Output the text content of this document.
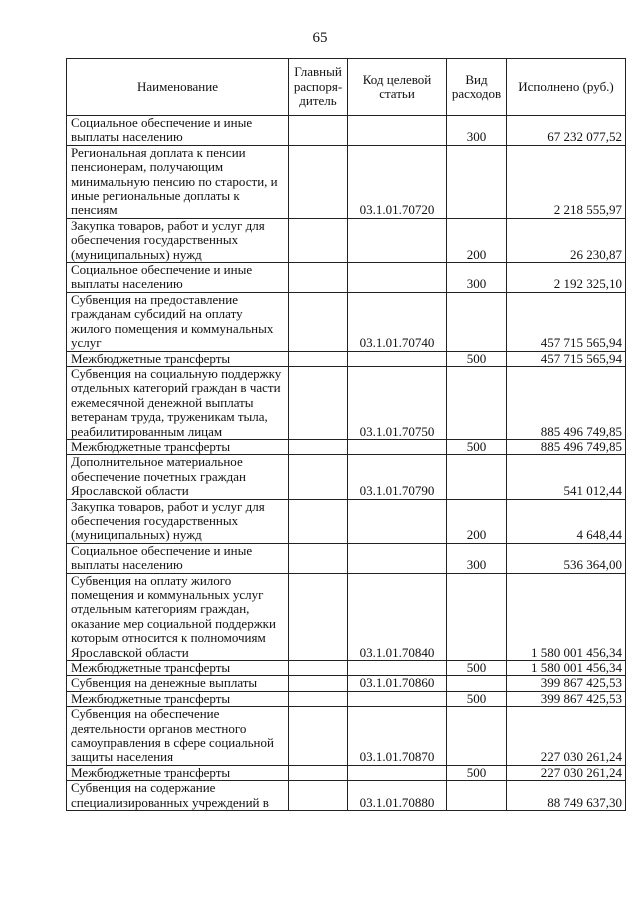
65
Наименование	Главный распоря-дитель	Код целевой статьи	Вид расходов	Исполнено (руб.)
Социальное обеспечение и иные выплаты населению			300	67 232 077,52
Региональная доплата к пенсии пенсионерам, получающим минимальную пенсию по старости, и иные региональные доплаты к пенсиям		03.1.01.70720		2 218 555,97
Закупка товаров, работ и услуг для обеспечения государственных (муниципальных) нужд			200	26 230,87
Социальное обеспечение и иные выплаты населению			300	2 192 325,10
Субвенция на предоставление гражданам субсидий на оплату жилого помещения и коммунальных услуг		03.1.01.70740		457 715 565,94
Межбюджетные трансферты			500	457 715 565,94
Субвенция на социальную поддержку отдельных категорий граждан в части ежемесячной денежной выплаты ветеранам труда, труженикам тыла, реабилитированным лицам		03.1.01.70750		885 496 749,85
Межбюджетные трансферты			500	885 496 749,85
Дополнительное материальное обеспечение почетных граждан Ярославской области		03.1.01.70790		541 012,44
Закупка товаров, работ и услуг для обеспечения государственных (муниципальных) нужд			200	4 648,44
Социальное обеспечение и иные выплаты населению			300	536 364,00
Субвенция на оплату жилого помещения и коммунальных услуг отдельным категориям граждан, оказание мер социальной поддержки которым относится к полномочиям Ярославской области		03.1.01.70840		1 580 001 456,34
Межбюджетные трансферты			500	1 580 001 456,34
Субвенция на денежные выплаты		03.1.01.70860		399 867 425,53
Межбюджетные трансферты			500	399 867 425,53
Субвенция на обеспечение деятельности органов местного самоуправления в сфере социальной защиты населения		03.1.01.70870		227 030 261,24
Межбюджетные трансферты			500	227 030 261,24
Субвенция на содержание специализированных учреждений в		03.1.01.70880		88 749 637,30
